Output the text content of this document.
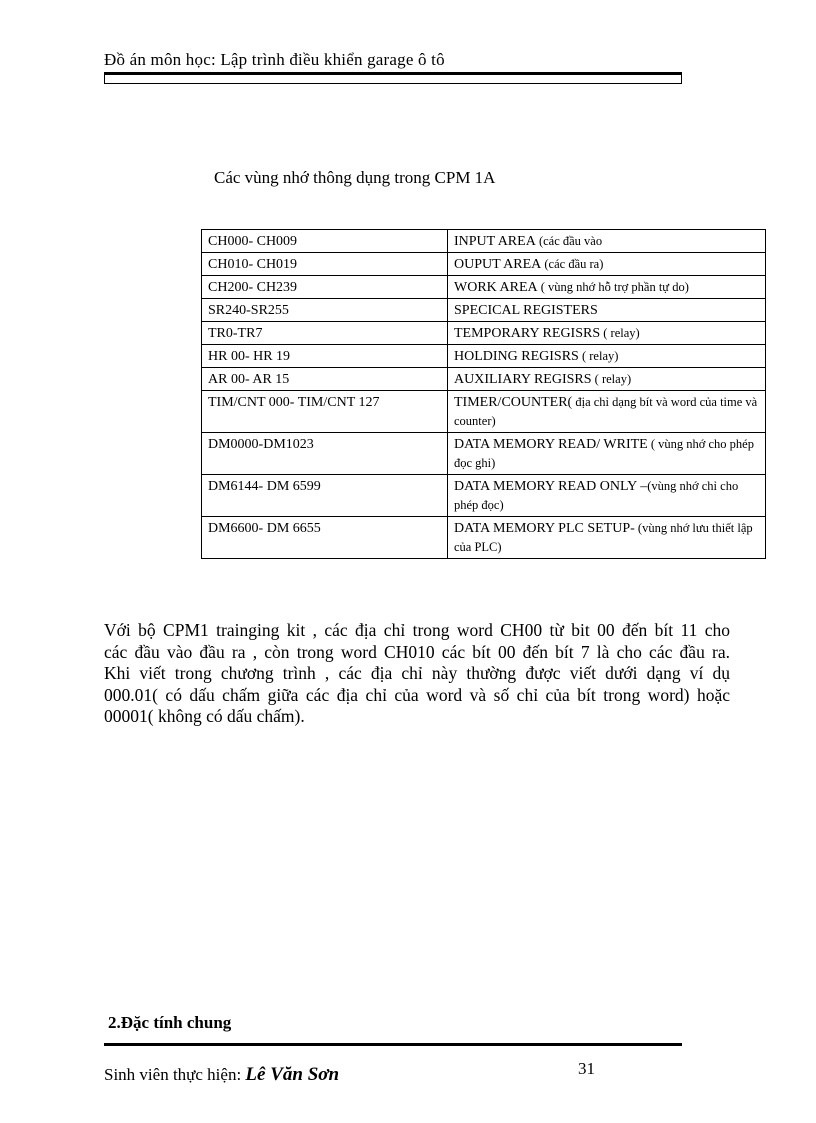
Đồ án môn học: Lập trình điều khiển garage ô tô
Các vùng nhớ thông dụng trong CPM 1A
CH000- CH009	INPUT AREA (các đầu vào
CH010- CH019	OUPUT AREA (các đầu ra)
CH200- CH239	WORK AREA ( vùng nhớ hỗ trợ phần tự do)
SR240-SR255	SPECICAL REGISTERS
TR0-TR7	TEMPORARY REGISRS ( relay)
HR 00- HR 19	HOLDING REGISRS ( relay)
AR 00- AR 15	AUXILIARY REGISRS ( relay)
TIM/CNT 000- TIM/CNT 127	TIMER/COUNTER( địa chỉ dạng bít và word của time và counter)
DM0000-DM1023	DATA MEMORY READ/ WRITE ( vùng nhớ cho phép đọc ghi)
DM6144- DM 6599	DATA MEMORY READ ONLY –(vùng nhớ chỉ cho phép đọc)
DM6600- DM 6655	DATA MEMORY PLC SETUP- (vùng nhớ lưu thiết lập của PLC)
Với bộ CPM1 trainging kit , các địa chỉ trong word CH00 từ bit 00 đến bít 11 cho
các đầu vào đầu ra , còn trong word CH010 các bít 00 đến bít 7 là cho các đầu ra.
Khi viết trong chương trình , các địa chỉ này thường được viết dưới dạng ví dụ
000.01( có dấu chấm giữa các địa chỉ của word và số chỉ của bít trong word) hoặc
00001( không có dấu chấm).
2.Đặc tính chung
Sinh viên thực hiện: Lê Văn Sơn	31
